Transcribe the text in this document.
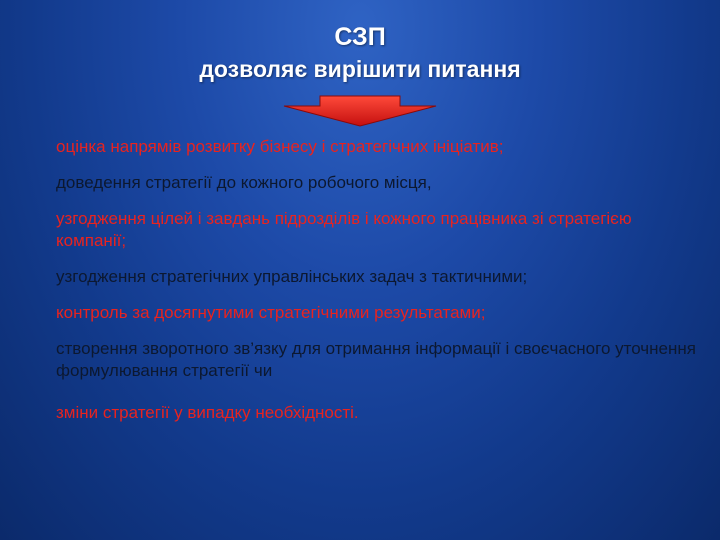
СЗП
дозволяє вирішити питання

оцінка напрямів розвитку бізнесу і стратегічних ініціатив;

доведення стратегії до кожного робочого місця,

узгодження цілей і завдань підрозділів і кожного працівника зі стратегією компанії;

узгодження стратегічних управлінських задач з тактичними;

контроль за досягнутими стратегічними результатами;

створення зворотного зв’язку для отримання інформації і своєчасного уточнення формулювання стратегії чи

зміни стратегії у випадку необхідності.
